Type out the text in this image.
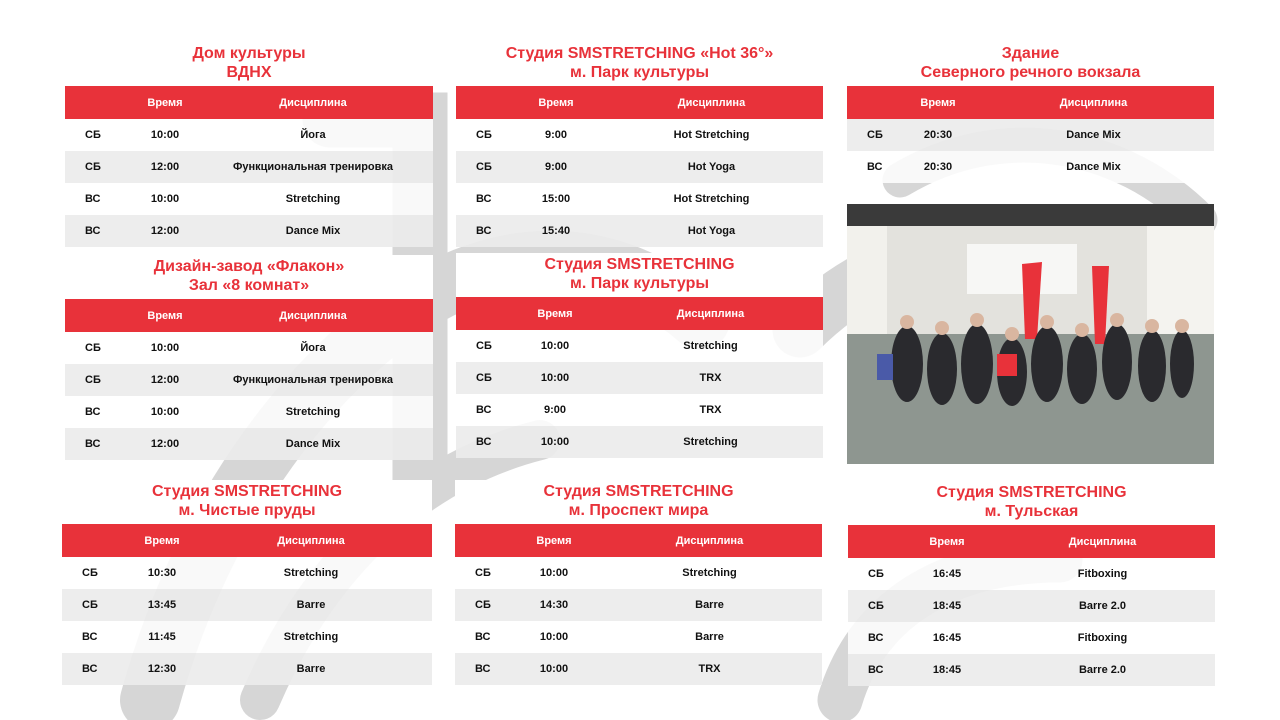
Дом культуры
ВДНХ
	Время	Дисциплина
СБ	10:00	Йога
СБ	12:00	Функциональная тренировка
ВС	10:00	Stretching
ВС	12:00	Dance Mix
Студия SMSTRETCHING «Hot 36°»
м. Парк культуры
	Время	Дисциплина
СБ	9:00	Hot Stretching
СБ	9:00	Hot Yoga
ВС	15:00	Hot Stretching
ВС	15:40	Hot Yoga
Здание
Северного речного вокзала
	Время	Дисциплина
СБ	20:30	Dance Mix
ВС	20:30	Dance Mix
Дизайн-завод «Флакон»
Зал «8 комнат»
	Время	Дисциплина
СБ	10:00	Йога
СБ	12:00	Функциональная тренировка
ВС	10:00	Stretching
ВС	12:00	Dance Mix
Студия SMSTRETCHING
м. Парк культуры
	Время	Дисциплина
СБ	10:00	Stretching
СБ	10:00	TRX
ВС	9:00	TRX
ВС	10:00	Stretching
Студия SMSTRETCHING
м. Чистые пруды
	Время	Дисциплина
СБ	10:30	Stretching
СБ	13:45	Barre
ВС	11:45	Stretching
ВС	12:30	Barre
Студия SMSTRETCHING
м. Проспект мира
	Время	Дисциплина
СБ	10:00	Stretching
СБ	14:30	Barre
ВС	10:00	Barre
ВС	10:00	TRX
Студия SMSTRETCHING
м. Тульская
	Время	Дисциплина
СБ	16:45	Fitboxing
СБ	18:45	Barre 2.0
ВС	16:45	Fitboxing
ВС	18:45	Barre 2.0
